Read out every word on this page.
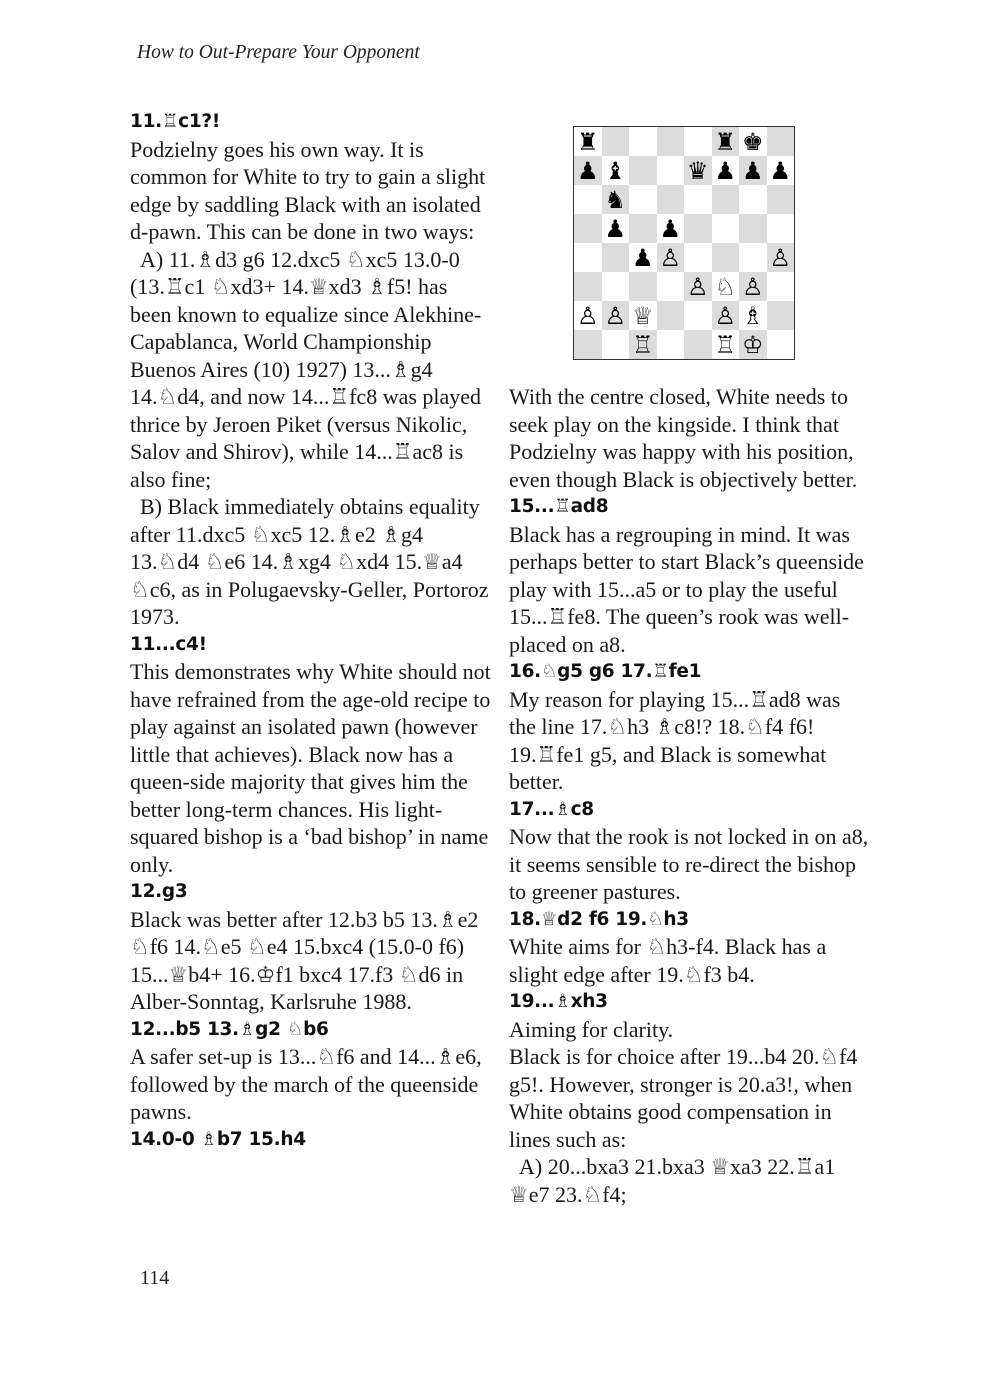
How to Out-Prepare Your Opponent

11.♖c1?!

Podzielny goes his own way. It is common for White to try to gain a slight edge by saddling Black with an isolated d-pawn. This can be done in two ways:

A) 11.♗d3 g6 12.dxc5 ♘xc5 13.0-0 (13.♖c1 ♘xd3+ 14.♕xd3 ♗f5! has been known to equalize since Alekhine-Capablanca, World Championship Buenos Aires (10) 1927) 13...♗g4 14.♘d4, and now 14...♖fc8 was played thrice by Jeroen Piket (versus Nikolic, Salov and Shirov), while 14...♖ac8 is also fine;

B) Black immediately obtains equality after 11.dxc5 ♘xc5 12.♗e2 ♗g4 13.♘d4 ♘e6 14.♗xg4 ♘xd4 15.♕a4 ♘c6, as in Polugaevsky-Geller, Portoroz 1973.

11...c4!

This demonstrates why White should not have refrained from the age-old recipe to play against an isolated pawn (however little that achieves). Black now has a queen-side majority that gives him the better long-term chances. His light-squared bishop is a ‘bad bishop’ in name only.

12.g3

Black was better after 12.b3 b5 13.♗e2 ♘f6 14.♘e5 ♘e4 15.bxc4 (15.0-0 f6) 15...♕b4+ 16.♔f1 bxc4 17.f3 ♘d6 in Alber-Sonntag, Karlsruhe 1988.

12...b5 13.♗g2 ♘b6

A safer set-up is 13...♘f6 and 14...♗e6, followed by the march of the queenside pawns.

14.0-0 ♗b7 15.h4

♜	♜ ♚
♟ ♝	♛ ♟ ♟ ♟
♞
♟ ♟
♟ ♙	♙
♙ ♘ ♙
♙ ♙ ♕	♙ ♗
♖	♖ ♔

With the centre closed, White needs to seek play on the kingside. I think that Podzielny was happy with his position, even though Black is objectively better.

15...♖ad8

Black has a regrouping in mind. It was perhaps better to start Black’s queenside play with 15...a5 or to play the useful 15...♖fe8. The queen’s rook was well-placed on a8.

16.♘g5 g6 17.♖fe1

My reason for playing 15...♖ad8 was the line 17.♘h3 ♗c8!? 18.♘f4 f6! 19.♖fe1 g5, and Black is somewhat better.

17...♗c8

Now that the rook is not locked in on a8, it seems sensible to re-direct the bishop to greener pastures.

18.♕d2 f6 19.♘h3

White aims for ♘h3-f4. Black has a slight edge after 19.♘f3 b4.

19...♗xh3

Aiming for clarity.

Black is for choice after 19...b4 20.♘f4 g5!. However, stronger is 20.a3!, when White obtains good compensation in lines such as:

A) 20...bxa3 21.bxa3 ♕xa3 22.♖a1 ♕e7 23.♘f4;

114
